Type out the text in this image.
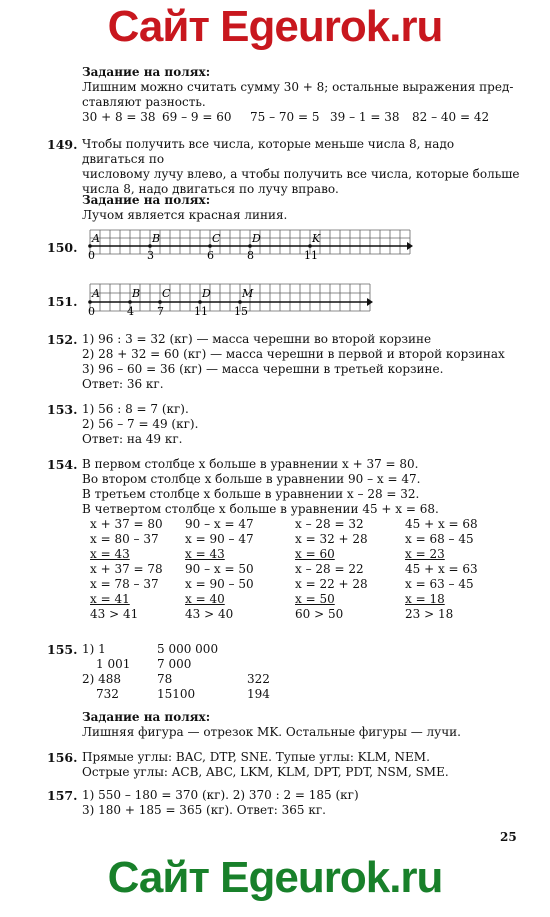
Сайт Egeurok.ru
Задание на полях:
Лишним можно считать сумму 30 + 8; остальные выражения пред-
ставляют разность.
30 + 8 = 38 69 – 9 = 60	75 – 70 = 5 39 – 1 = 38	82 – 40 = 42
149. Чтобы получить все числа, которые меньше числа 8, надо двигаться по
числовому лучу влево, а чтобы получить все числа, которые больше
числа 8, надо двигаться по лучу вправо.
Задание на полях:
Лучом является красная линия.
150.
A	B	C	D	K
0	3	6	8	11
151.
A	B C	D	M
0	4 7	11 15
152. 1) 96 : 3 = 32 (кг) — масса черешни во второй корзине
2) 28 + 32 = 60 (кг) — масса черешни в первой и второй корзинах
3) 96 – 60 = 36 (кг) — масса черешни в третьей корзине.
Ответ: 36 кг.
153. 1) 56 : 8 = 7 (кг).
2) 56 – 7 = 49 (кг).
Ответ: на 49 кг.
154. В первом столбце x больше в уравнении x + 37 = 80.
Во втором столбце x больше в уравнении 90 – x = 47.
В третьем столбце x больше в уравнении x – 28 = 32.
В четвертом столбце x больше в уравнении 45 + x = 68.
x + 37 = 80	90 – x = 47	x – 28 = 32	45 + x = 68
x = 80 – 37	x = 90 – 47	x = 32 + 28	x = 68 – 45
x = 43	x = 43	x = 60	x = 23
x + 37 = 78	90 – x = 50	x – 28 = 22	45 + x = 63
x = 78 – 37	x = 90 – 50	x = 22 + 28	x = 63 – 45
x = 41	x = 40	x = 50	x = 18
43 > 41	43 > 40	60 > 50	23 > 18
155. 1) 1	5 000 000
1 001	7 000
2) 488	78	322
732	15100	194
Задание на полях:
Лишняя фигура — отрезок MK. Остальные фигуры — лучи.
156. Прямые углы: BAC, DTP, SNE. Тупые углы: KLM, NEM.
Острые углы: ACB, ABC, LKM, KLM, DPT, PDT, NSM, SME.
157. 1) 550 – 180 = 370 (кг). 2) 370 : 2 = 185 (кг)
3) 180 + 185 = 365 (кг). Ответ: 365 кг.
25
Сайт Egeurok.ru
